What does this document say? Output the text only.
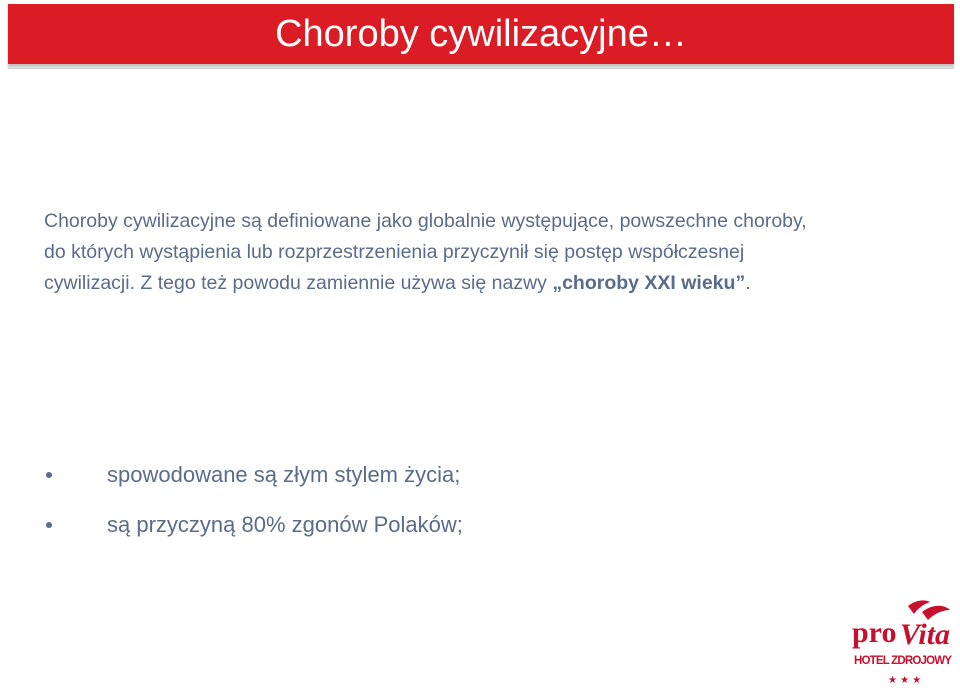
Choroby cywilizacyjne…

Choroby cywilizacyjne są definiowane jako globalnie występujące, powszechne choroby,
do których wystąpienia lub rozprzestrzenienia przyczynił się postęp współczesnej
cywilizacji. Z tego też powodu zamiennie używa się nazwy „choroby XXI wieku”.

spowodowane są złym stylem życia;
są przyczyną 80% zgonów Polaków;
pro Vita
HOTEL ZDROJOWY
★ ★ ★
